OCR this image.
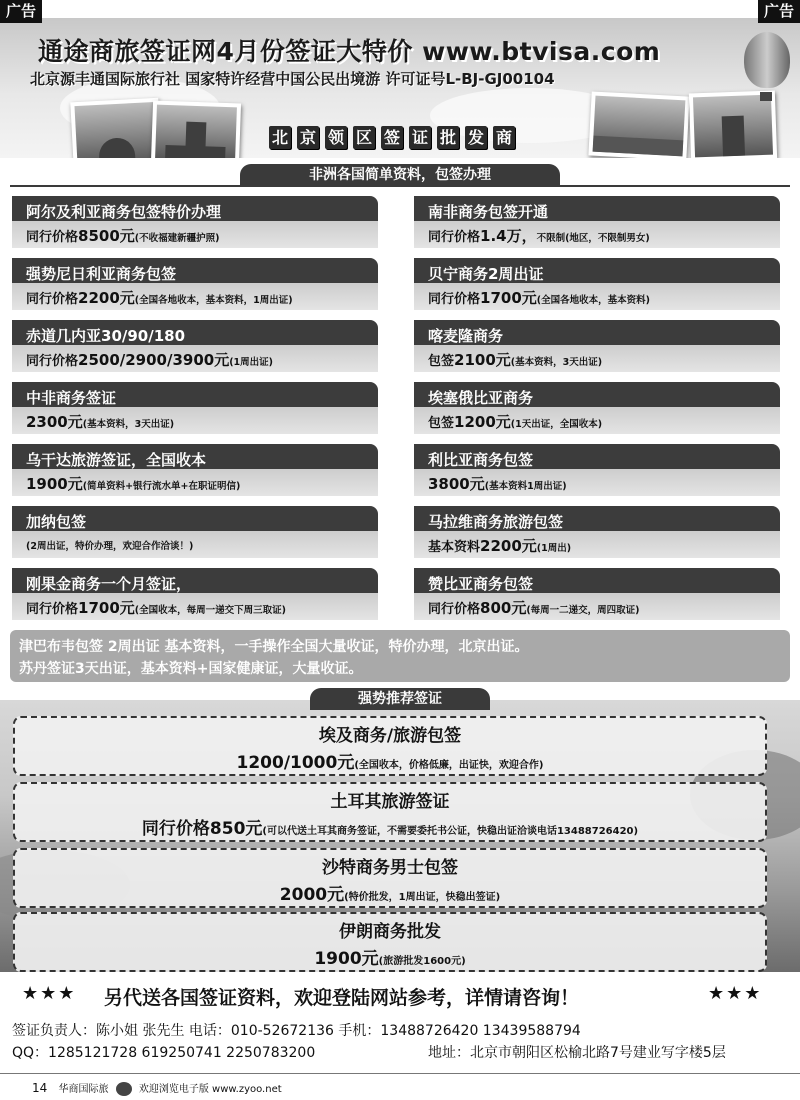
广告	广告
通途商旅签证网4月份签证大特价 www.btvisa.com
北京源丰通国际旅行社 国家特许经营中国公民出境游 许可证号L-BJ-GJ00104
北 京 领 区 签 证 批 发 商
非洲各国简单资料，包签办理
阿尔及利亚商务包签特价办理
同行价格8500元(不收福建新疆护照)
强势尼日利亚商务包签
同行价格2200元(全国各地收本，基本资料，1周出证)
赤道几内亚30/90/180
同行价格2500/2900/3900元(1周出证)
中非商务签证
2300元(基本资料，3天出证)
乌干达旅游签证，全国收本
1900元(简单资料+银行流水单+在职证明信)
加纳包签
(2周出证，特价办理，欢迎合作洽谈！)
刚果金商务一个月签证，
同行价格1700元(全国收本，每周一递交下周三取证)
南非商务包签开通
同行价格1.4万，不限制(地区，不限制男女)
贝宁商务2周出证
同行价格1700元(全国各地收本，基本资料)
喀麦隆商务
包签2100元(基本资料，3天出证)
埃塞俄比亚商务
包签1200元(1天出证，全国收本)
利比亚商务包签
3800元(基本资料1周出证)
马拉维商务旅游包签
基本资料2200元(1周出)
赞比亚商务包签
同行价格800元(每周一二递交，周四取证)
津巴布韦包签 2周出证 基本资料，一手操作全国大量收证，特价办理，北京出证。
苏丹签证3天出证，基本资料+国家健康证，大量收证。
强势推荐签证
埃及商务/旅游包签
1200/1000元(全国收本，价格低廉，出证快，欢迎合作)
土耳其旅游签证
同行价格850元(可以代送土耳其商务签证，不需要委托书公证，快稳出证洽谈电话13488726420)
沙特商务男士包签
2000元(特价批发，1周出证，快稳出签证)
伊朗商务批发
1900元(旅游批发1600元)
★★★ 另代送各国签证资料，欢迎登陆网站参考，详情请咨询！	★★★
签证负责人：陈小姐 张先生 电话：010-52672136 手机：13488726420 13439588794
QQ：1285121728 619250741 2250783200	地址：北京市朝阳区松榆北路7号建业写字楼5层
14 华商国际旅	欢迎浏览电子版 www.zyoo.net
